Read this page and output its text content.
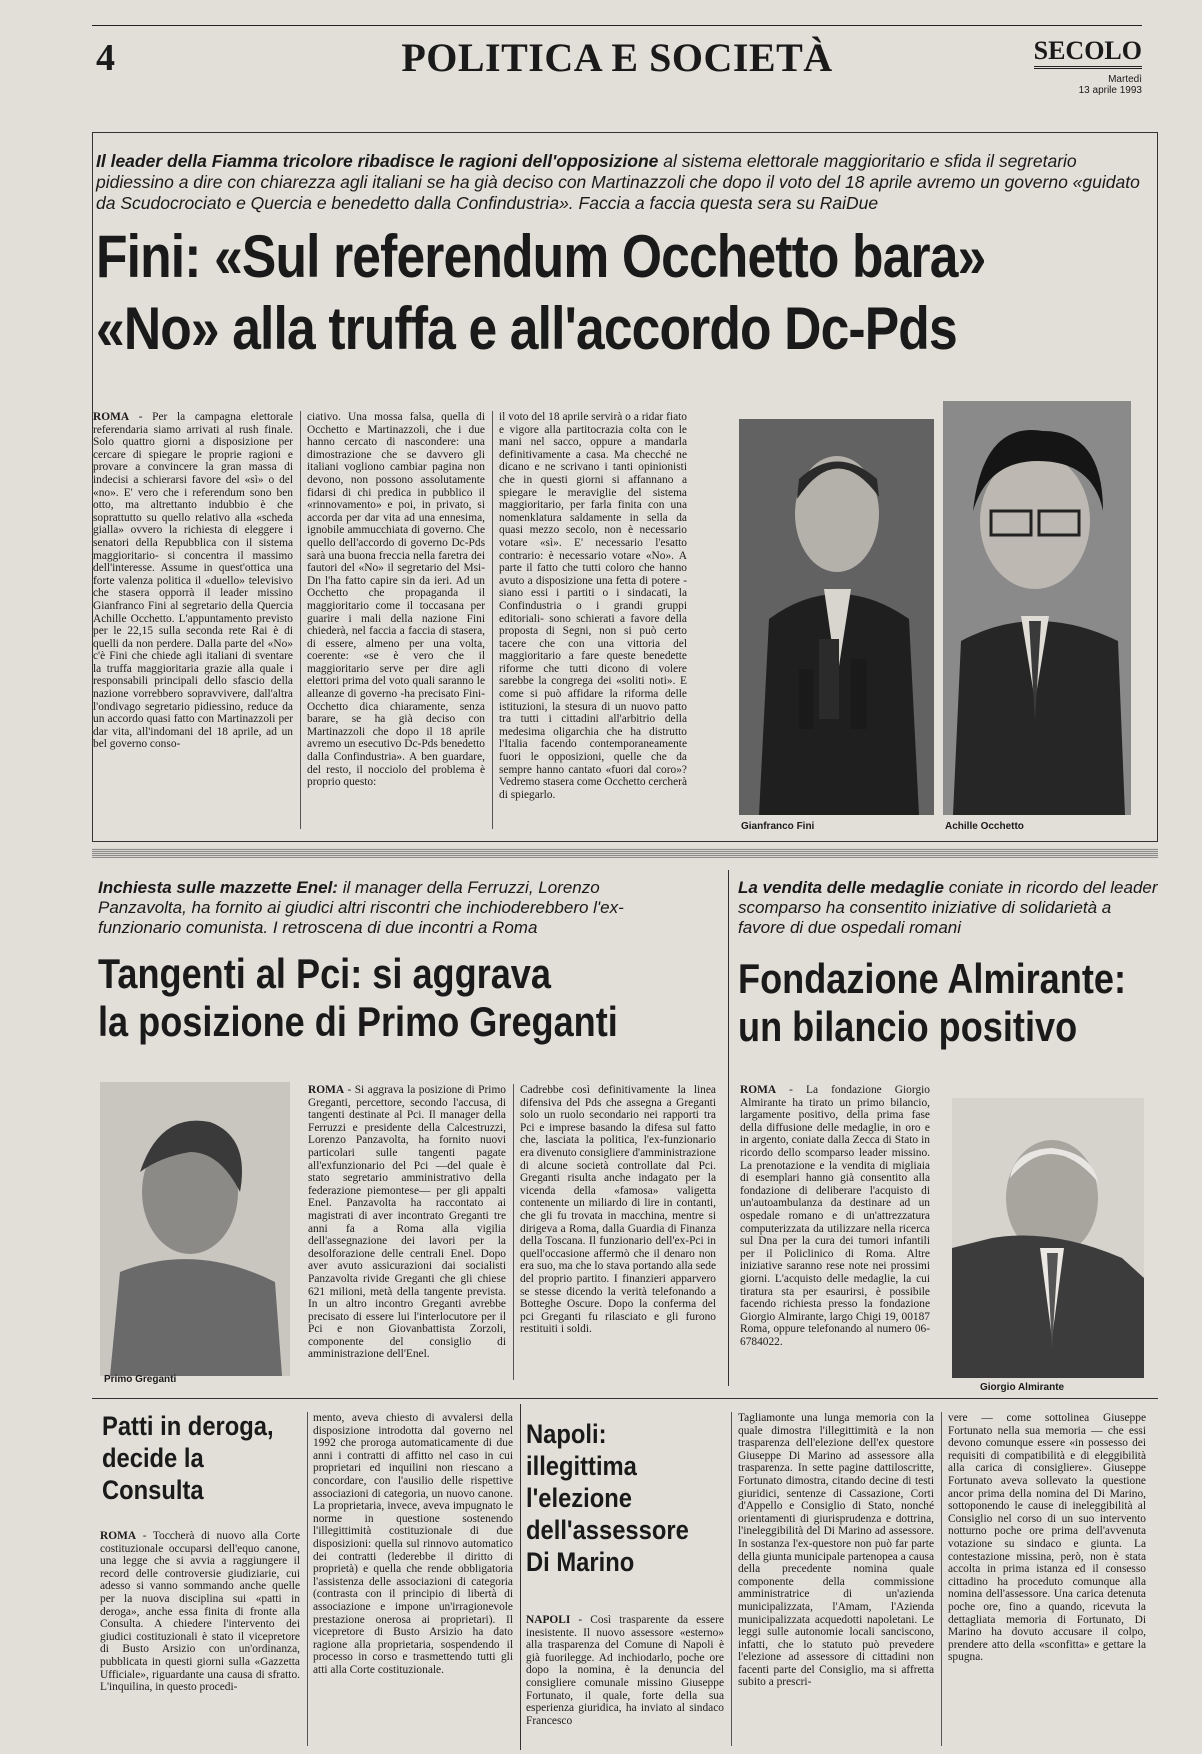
4	POLITICA E SOCIETÀ	SECOLO
Martedì
13 aprile 1993
Il leader della Fiamma tricolore ribadisce le ragioni dell'opposizione al sistema elettorale maggioritario e sfida il segretario pidiessino a dire con chiarezza agli italiani se ha già deciso con Martinazzoli che dopo il voto del 18 aprile avremo un governo «guidato da Scudocrociato e Quercia e benedetto dalla Confindustria». Faccia a faccia questa sera su RaiDue
Fini: «Sul referendum Occhetto bara»
«No» alla truffa e all'accordo Dc-Pds
ROMA - Per la campagna elettorale referendaria siamo arrivati al rush finale. Solo quattro giorni a disposizione per cercare di spiegare le proprie ragioni e provare a convincere la gran massa di indecisi a schierarsi favore del «sì» o del «no». E' vero che i referendum sono ben otto, ma altrettanto indubbio è che soprattutto su quello relativo alla «scheda gialla» ovvero la richiesta di eleggere i senatori della Repubblica con il sistema maggioritario- si concentra il massimo dell'interesse. Assume in quest'ottica una forte valenza politica il «duello» televisivo che stasera opporrà il leader missino Gianfranco Fini al segretario della Quercia Achille Occhetto. L'appuntamento previsto per le 22,15 sulla seconda rete Rai è di quelli da non perdere. Dalla parte del «No» c'è Fini che chiede agli italiani di sventare la truffa maggioritaria grazie alla quale i responsabili principali dello sfascio della nazione vorrebbero sopravvivere, dall'altra l'ondivago segretario pidiessino, reduce da un accordo quasi fatto con Martinazzoli per dar vita, all'indomani del 18 aprile, ad un bel governo conso-
ciativo. Una mossa falsa, quella di Occhetto e Martinazzoli, che i due hanno cercato di nascondere: una dimostrazione che se davvero gli italiani vogliono cambiar pagina non devono, non possono assolutamente fidarsi di chi predica in pubblico il «rinnovamento» e poi, in privato, si accorda per dar vita ad una ennesima, ignobile ammucchiata di governo. Che quello dell'accordo di governo Dc-Pds sarà una buona freccia nella faretra dei fautori del «No» il segretario del Msi-Dn l'ha fatto capire sin da ieri. Ad un Occhetto che propaganda il maggioritario come il toccasana per guarire i mali della nazione Fini chiederà, nel faccia a faccia di stasera, di essere, almeno per una volta, coerente: «se è vero che il maggioritario serve per dire agli elettori prima del voto quali saranno le alleanze di governo -ha precisato Fini- Occhetto dica chiaramente, senza barare, se ha già deciso con Martinazzoli che dopo il 18 aprile avremo un esecutivo Dc-Pds benedetto dalla Confindustria». A ben guardare, del resto, il nocciolo del problema è proprio questo:
il voto del 18 aprile servirà o a ridar fiato e vigore alla partitocrazia colta con le mani nel sacco, oppure a mandarla definitivamente a casa. Ma checché ne dicano e ne scrivano i tanti opinionisti che in questi giorni si affannano a spiegare le meraviglie del sistema maggioritario, per farla finita con una nomenklatura saldamente in sella da quasi mezzo secolo, non è necessario votare «sì». E' necessario l'esatto contrario: è necessario votare «No». A parte il fatto che tutti coloro che hanno avuto a disposizione una fetta di potere -siano essi i partiti o i sindacati, la Confindustria o i grandi gruppi editoriali- sono schierati a favore della proposta di Segni, non si può certo tacere che con una vittoria del maggioritario a fare queste benedette riforme che tutti dicono di volere sarebbe la congrega dei «soliti noti». E come si può affidare la riforma delle istituzioni, la stesura di un nuovo patto tra tutti i cittadini all'arbitrio della medesima oligarchia che ha distrutto l'Italia facendo contemporaneamente fuori le opposizioni, quelle che da sempre hanno cantato «fuori dal coro»? Vedremo stasera come Occhetto cercherà di spiegarlo.
Gianfranco Fini	Achille Occhetto
Inchiesta sulle mazzette Enel: il manager della Ferruzzi, Lorenzo Panzavolta, ha fornito ai giudici altri riscontri che inchioderebbero l'ex-funzionario comunista. I retroscena di due incontri a Roma
Tangenti al Pci: si aggrava
la posizione di Primo Greganti
Primo Greganti
ROMA - Si aggrava la posizione di Primo Greganti, percettore, secondo l'accusa, di tangenti destinate al Pci. Il manager della Ferruzzi e presidente della Calcestruzzi, Lorenzo Panzavolta, ha fornito nuovi particolari sulle tangenti pagate all'exfunzionario del Pci —del quale è stato segretario amministrativo della federazione piemontese— per gli appalti Enel. Panzavolta ha raccontato ai magistrati di aver incontrato Greganti tre anni fa a Roma alla vigilia dell'assegnazione dei lavori per la desolforazione delle centrali Enel. Dopo aver avuto assicurazioni dai socialisti Panzavolta rivide Greganti che gli chiese 621 milioni, metà della tangente prevista. In un altro incontro Greganti avrebbe precisato di essere lui l'interlocutore per il Pci e non Giovanbattista Zorzoli, componente del consiglio di amministrazione dell'Enel.
Cadrebbe così definitivamente la linea difensiva del Pds che assegna a Greganti solo un ruolo secondario nei rapporti tra Pci e imprese basando la difesa sul fatto che, lasciata la politica, l'ex-funzionario era divenuto consigliere d'amministrazione di alcune società controllate dal Pci. Greganti risulta anche indagato per la vicenda della «famosa» valigetta contenente un miliardo di lire in contanti, che gli fu trovata in macchina, mentre si dirigeva a Roma, dalla Guardia di Finanza della Toscana. Il funzionario dell'ex-Pci in quell'occasione affermò che il denaro non era suo, ma che lo stava portando alla sede del proprio partito. I finanzieri apparvero se stesse dicendo la verità telefonando a Botteghe Oscure. Dopo la conferma del pci Greganti fu rilasciato e gli furono restituiti i soldi.
La vendita delle medaglie coniate in ricordo del leader scomparso ha consentito iniziative di solidarietà a favore di due ospedali romani
Fondazione Almirante:
un bilancio positivo
ROMA - La fondazione Giorgio Almirante ha tirato un primo bilancio, largamente positivo, della prima fase della diffusione delle medaglie, in oro e in argento, coniate dalla Zecca di Stato in ricordo dello scomparso leader missino. La prenotazione e la vendita di migliaia di esemplari hanno già consentito alla fondazione di deliberare l'acquisto di un'autoambulanza da destinare ad un ospedale romano e di un'attrezzatura computerizzata da utilizzare nella ricerca sul Dna per la cura dei tumori infantili per il Policlinico di Roma. Altre iniziative saranno rese note nei prossimi giorni. L'acquisto delle medaglie, la cui tiratura sta per esaurirsi, è possibile facendo richiesta presso la fondazione Giorgio Almirante, largo Chigi 19, 00187 Roma, oppure telefonando al numero 06-6784022.
Giorgio Almirante
Patti in deroga, decide la Consulta
ROMA - Toccherà di nuovo alla Corte costituzionale occuparsi dell'equo canone, una legge che si avvia a raggiungere il record delle controversie giudiziarie, cui adesso si vanno sommando anche quelle per la nuova disciplina sui «patti in deroga», anche essa finita di fronte alla Consulta. A chiedere l'intervento dei giudici costituzionali è stato il vicepretore di Busto Arsizio con un'ordinanza, pubblicata in questi giorni sulla «Gazzetta Ufficiale», riguardante una causa di sfratto. L'inquilina, in questo procedi-
mento, aveva chiesto di avvalersi della disposizione introdotta dal governo nel 1992 che proroga automaticamente di due anni i contratti di affitto nel caso in cui proprietari ed inquilini non riescano a concordare, con l'ausilio delle rispettive associazioni di categoria, un nuovo canone. La proprietaria, invece, aveva impugnato le norme in questione sostenendo l'illegittimità costituzionale di due disposizioni: quella sul rinnovo automatico dei contratti (lederebbe il diritto di proprietà) e quella che rende obbligatoria l'assistenza delle associazioni di categoria (contrasta con il principio di libertà di associazione e impone un'irragionevole prestazione onerosa ai proprietari). Il vicepretore di Busto Arsizio ha dato ragione alla proprietaria, sospendendo il processo in corso e trasmettendo tutti gli atti alla Corte costituzionale.
Napoli: illegittima l'elezione dell'assessore Di Marino
NAPOLI - Così trasparente da essere inesistente. Il nuovo assessore «esterno» alla trasparenza del Comune di Napoli è già fuorilegge. Ad inchiodarlo, poche ore dopo la nomina, è la denuncia del consigliere comunale missino Giuseppe Fortunato, il quale, forte della sua esperienza giuridica, ha inviato al sindaco Francesco
Tagliamonte una lunga memoria con la quale dimostra l'illegittimità e la non trasparenza dell'elezione dell'ex questore Giuseppe Di Marino ad assessore alla trasparenza. In sette pagine dattiloscritte, Fortunato dimostra, citando decine di testi giuridici, sentenze di Cassazione, Corti d'Appello e Consiglio di Stato, nonché orientamenti di giurisprudenza e dottrina, l'ineleggibilità del Di Marino ad assessore. In sostanza l'ex-questore non può far parte della giunta municipale partenopea a causa della precedente nomina quale componente della commissione amministratrice di un'azienda municipalizzata, l'Amam, l'Azienda municipalizzata acquedotti napoletani. Le leggi sulle autonomie locali sanciscono, infatti, che lo statuto può prevedere l'elezione ad assessore di cittadini non facenti parte del Consiglio, ma si affretta subito a prescri-
vere — come sottolinea Giuseppe Fortunato nella sua memoria — che essi devono comunque essere «in possesso dei requisiti di compatibilità e di eleggibilità alla carica di consigliere». Giuseppe Fortunato aveva sollevato la questione ancor prima della nomina del Di Marino, sottoponendo le cause di ineleggibilità al Consiglio nel corso di un suo intervento notturno poche ore prima dell'avvenuta votazione su sindaco e giunta. La contestazione missina, però, non è stata accolta in prima istanza ed il consesso cittadino ha proceduto comunque alla nomina dell'assessore. Una carica detenuta poche ore, fino a quando, ricevuta la dettagliata memoria di Fortunato, Di Marino ha dovuto accusare il colpo, prendere atto della «sconfitta» e gettare la spugna.
